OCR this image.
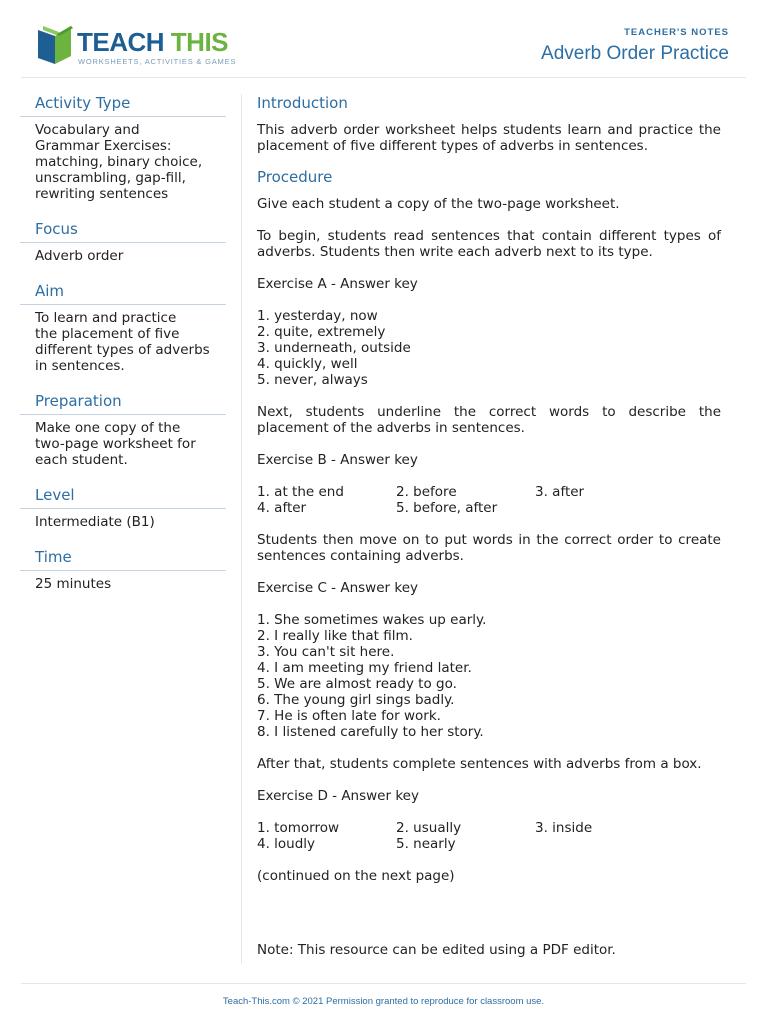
TEACH THIS
WORKSHEETS, ACTIVITIES & GAMES
TEACHER'S NOTES
Adverb Order Practice
Activity Type
Vocabulary and
Grammar Exercises:
matching, binary choice,
unscrambling, gap-fill,
rewriting sentences
Focus
Adverb order
Aim
To learn and practice
the placement of five
different types of adverbs
in sentences.
Preparation
Make one copy of the
two-page worksheet for
each student.
Level
Intermediate (B1)
Time
25 minutes
Introduction

This adverb order worksheet helps students learn and practice the placement of five different types of adverbs in sentences.

Procedure

Give each student a copy of the two-page worksheet.

To begin, students read sentences that contain different types of adverbs. Students then write each adverb next to its type.

Exercise A - Answer key

1. yesterday, now

2. quite, extremely

3. underneath, outside

4. quickly, well

5. never, always

Next, students underline the correct words to describe the placement of the adverbs in sentences.

Exercise B - Answer key

1. at the end	2. before	3. after
4. after	5. before, after

Students then move on to put words in the correct order to create sentences containing adverbs.

Exercise C - Answer key

1. She sometimes wakes up early.

2. I really like that film.

3. You can't sit here.

4. I am meeting my friend later.

5. We are almost ready to go.

6. The young girl sings badly.

7. He is often late for work.

8. I listened carefully to her story.

After that, students complete sentences with adverbs from a box.

Exercise D - Answer key

1. tomorrow	2. usually	3. inside
4. loudly	5. nearly

(continued on the next page)

Note: This resource can be edited using a PDF editor.

Teach-This.com © 2021 Permission granted to reproduce for classroom use.
